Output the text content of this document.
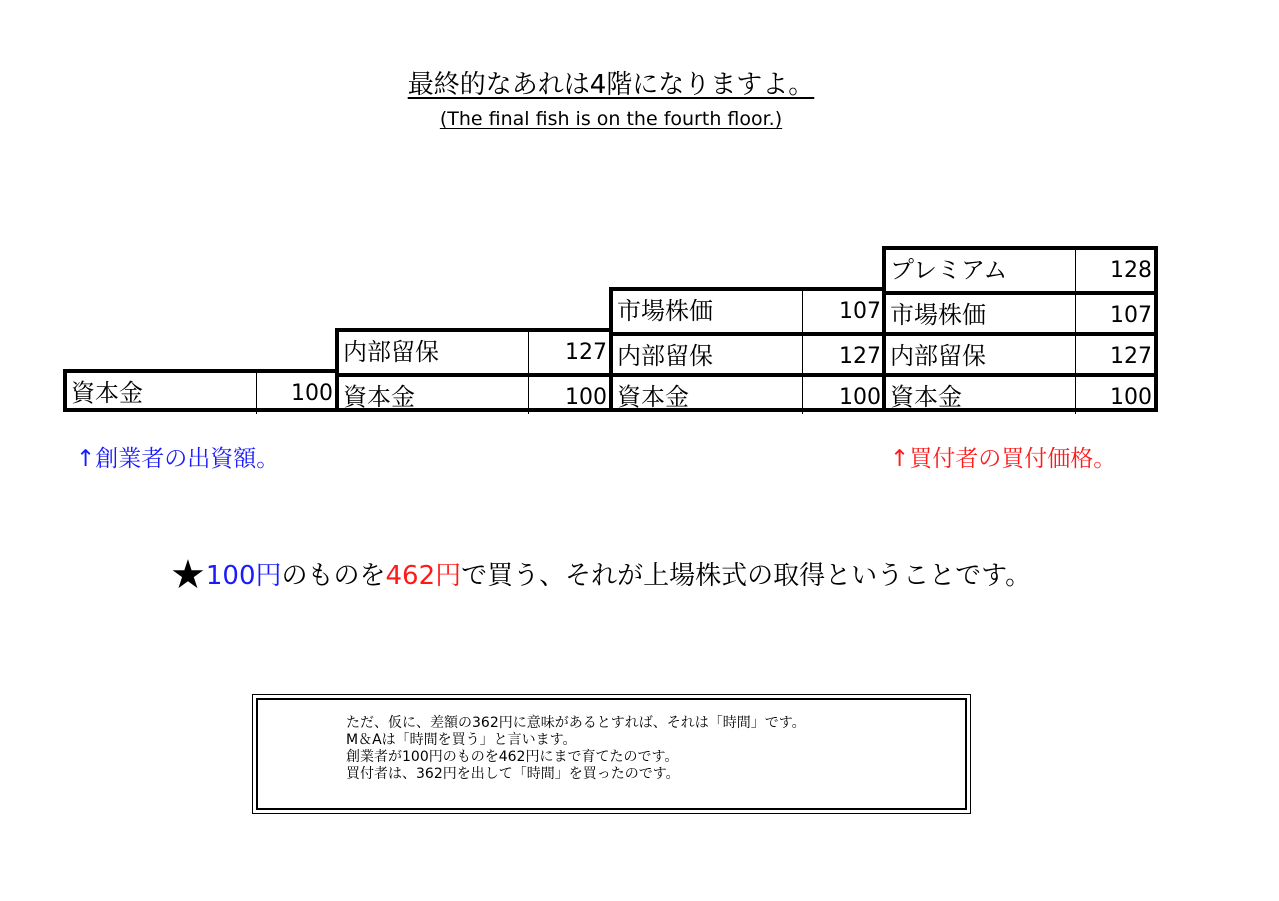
最終的なあれは4階になりますよ。
(The final fish is on the fourth floor.)
資本金	100
内部留保	127
資本金	100
市場株価	107
内部留保	127
資本金	100
プレミアム	128
市場株価	107
内部留保	127
資本金	100
↑創業者の出資額。	↑買付者の買付価格。
★100円のものを462円で買う、それが上場株式の取得ということです。
ただ、仮に、差額の362円に意味があるとすれば、それは「時間」です。
M＆Aは「時間を買う」と言います。
創業者が100円のものを462円にまで育てたのです。
買付者は、362円を出して「時間」を買ったのです。
